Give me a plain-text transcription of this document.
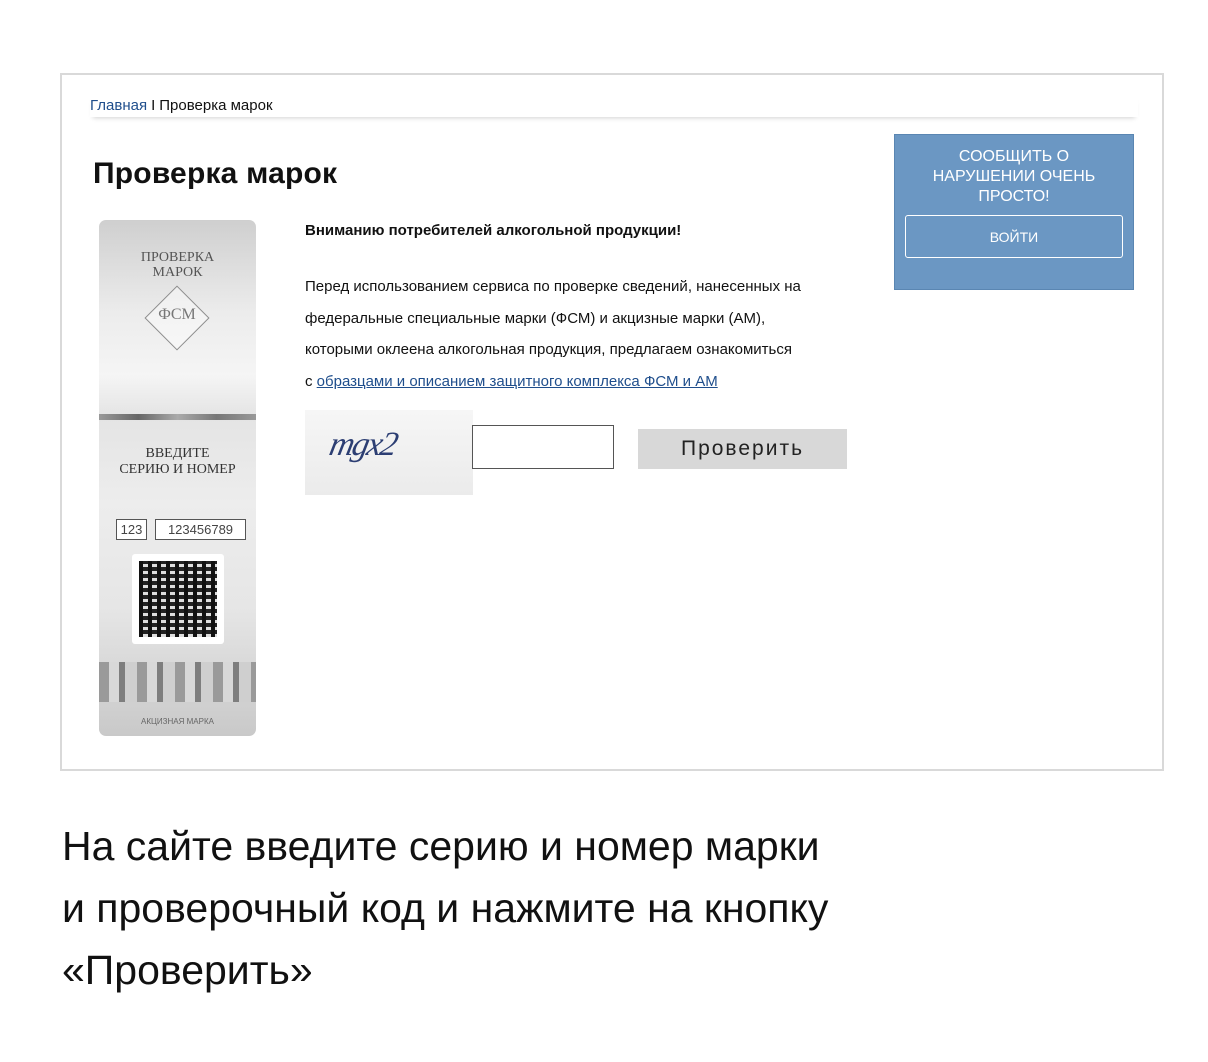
Главная I Проверка марок
Проверка марок
ПРОВЕРКА
МАРОК
ФСМ
ВВЕДИТЕ
СЕРИЮ И НОМЕР
123	123456789
АКЦИЗНАЯ МАРКА
Вниманию потребителей алкогольной продукции!
Перед использованием сервиса по проверке сведений, нанесенных на
федеральные специальные марки (ФСМ) и акцизные марки (АМ),
которыми оклеена алкогольная продукция, предлагаем ознакомиться
с образцами и описанием защитного комплекса ФСМ и АМ
mgx2	Проверить
СООБЩИТЬ О
НАРУШЕНИИ ОЧЕНЬ
ПРОСТО!
ВОЙТИ

На сайте введите серию и номер марки
и проверочный код и нажмите на кнопку
«Проверить»
